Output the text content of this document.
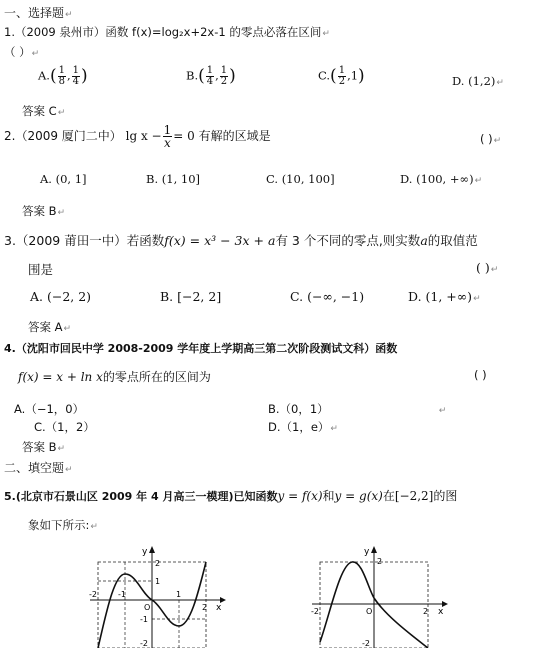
一、选择题↵
1.（2009 泉州市）函数 f(x)=log₂x+2x-1 的零点必落在区间↵
（ ）↵
$A.( \frac{1}{8}$ , $\frac{1}{4}$ )	$B.( \frac{1}{4}$ , $\frac{1}{2}$ )	$C.( \frac{1}{2} ,1)$	D. (1,2)↵
答案 C↵
2.（2009 厦门二中） $\lg x - \frac{1}{x} = 0$ 有解的区域是	( )↵
A. (0, 1]	B. (1, 10]	C. (10, 100]	D. (100, +∞)↵
答案 B↵
3.（2009 莆田一中）若函数f(x) = x³ − 3x + a有 3 个不同的零点,则实数a的取值范
围是	( )↵
A. (−2, 2)	B. [−2, 2]	C. (−∞, −1)	D. (1, +∞)↵
答案 A↵
4.（沈阳市回民中学 2008-2009 学年度上学期高三第二次阶段测试文科）函数
f(x) = x + ln x的零点所在的区间为	( )
A.（−1，0）	B.（0，1）	↵
C.（1，2）	D.（1，e）↵
答案 B↵
二、填空题↵
5.(北京市石景山区 2009 年 4 月高三一模理)已知函数y = f(x)和y = g(x)在[−2,2]的图
象如下所示:↵
y
x
2
1
-1
-2
O
-2	-1	1
2
y
x
2
-2
O
-2	2
